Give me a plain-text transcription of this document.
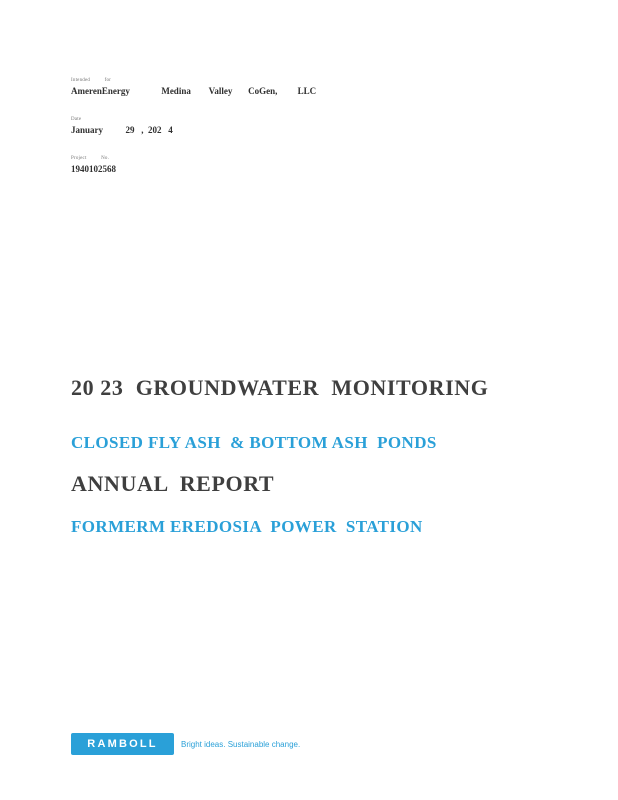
Intended          for
AmerenEnergy              Medina        Valley       CoGen,         LLC
Date
January          29   ,  202   4
Project          No.
1940102568

20 23  GROUNDWATER  MONITORING

ANNUAL  REPORT

CLOSED FLY ASH  & BOTTOM ASH  PONDS

FORMERM EREDOSIA  POWER  STATION

RAMBOLL	Bright ideas. Sustainable change.
